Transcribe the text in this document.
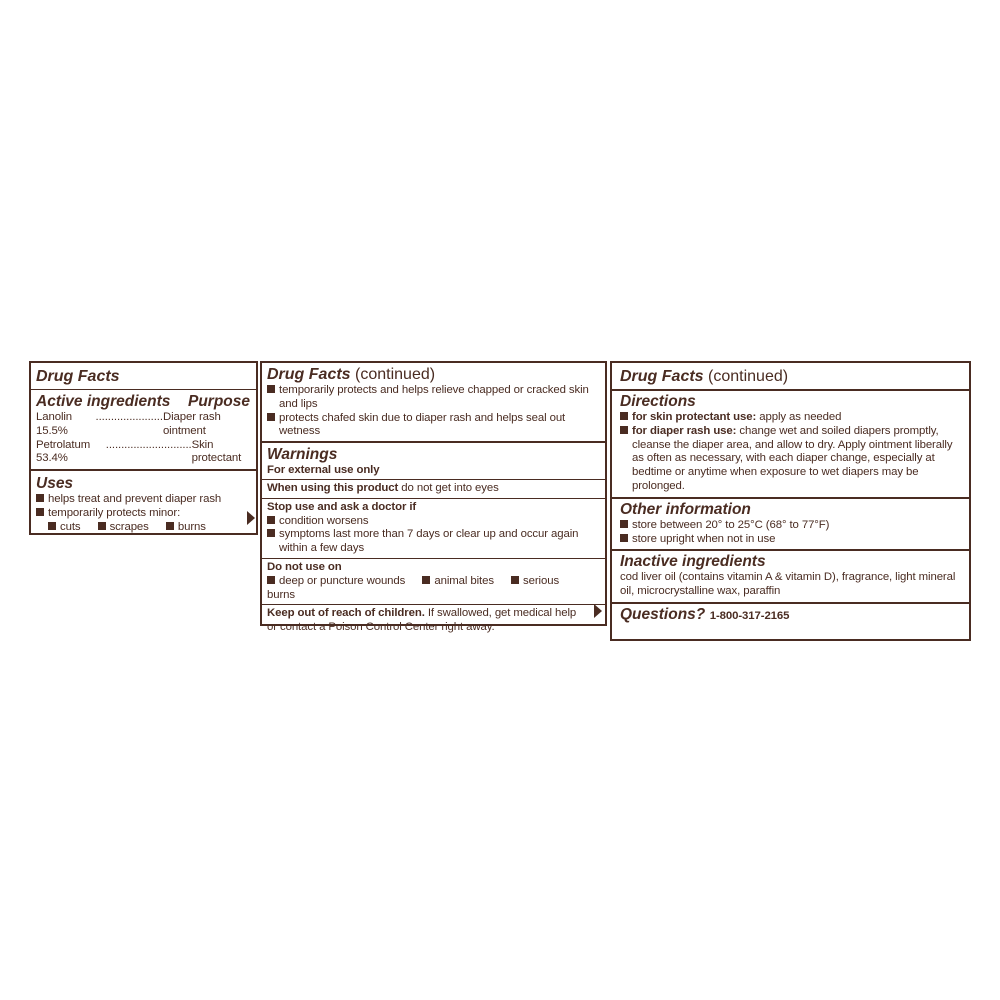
Drug Facts
Active ingredients Purpose
Lanolin 15.5%
...................... Diaper rash ointment
Petrolatum 53.4%
............................ Skin protectant
Uses
helps treat and prevent diaper rash
temporarily protects minor:
cuts	scrapes	burns
Drug Facts (continued)
temporarily protects and helps relieve chapped or cracked skin and lips
protects chafed skin due to diaper rash and helps seal out wetness
Warnings
For external use only
When using this product do not get into eyes
Stop use and ask a doctor if
condition worsens
symptoms last more than 7 days or clear up and occur again within a few days
Do not use on
deep or puncture wounds	animal bites	serious burns
Keep out of reach of children. If swallowed, get medical help or contact a Poison Control Center right away.
Drug Facts (continued)
Directions
for skin protectant use: apply as needed
for diaper rash use: change wet and soiled diapers promptly, cleanse the diaper area, and allow to dry. Apply ointment liberally as often as necessary, with each diaper change, especially at bedtime or anytime when exposure to wet diapers may be prolonged.
Other information
store between 20° to 25°C (68° to 77°F)
store upright when not in use
Inactive ingredients
cod liver oil (contains vitamin A & vitamin D), fragrance, light mineral oil, microcrystalline wax, paraffin
Questions? 1-800-317-2165
